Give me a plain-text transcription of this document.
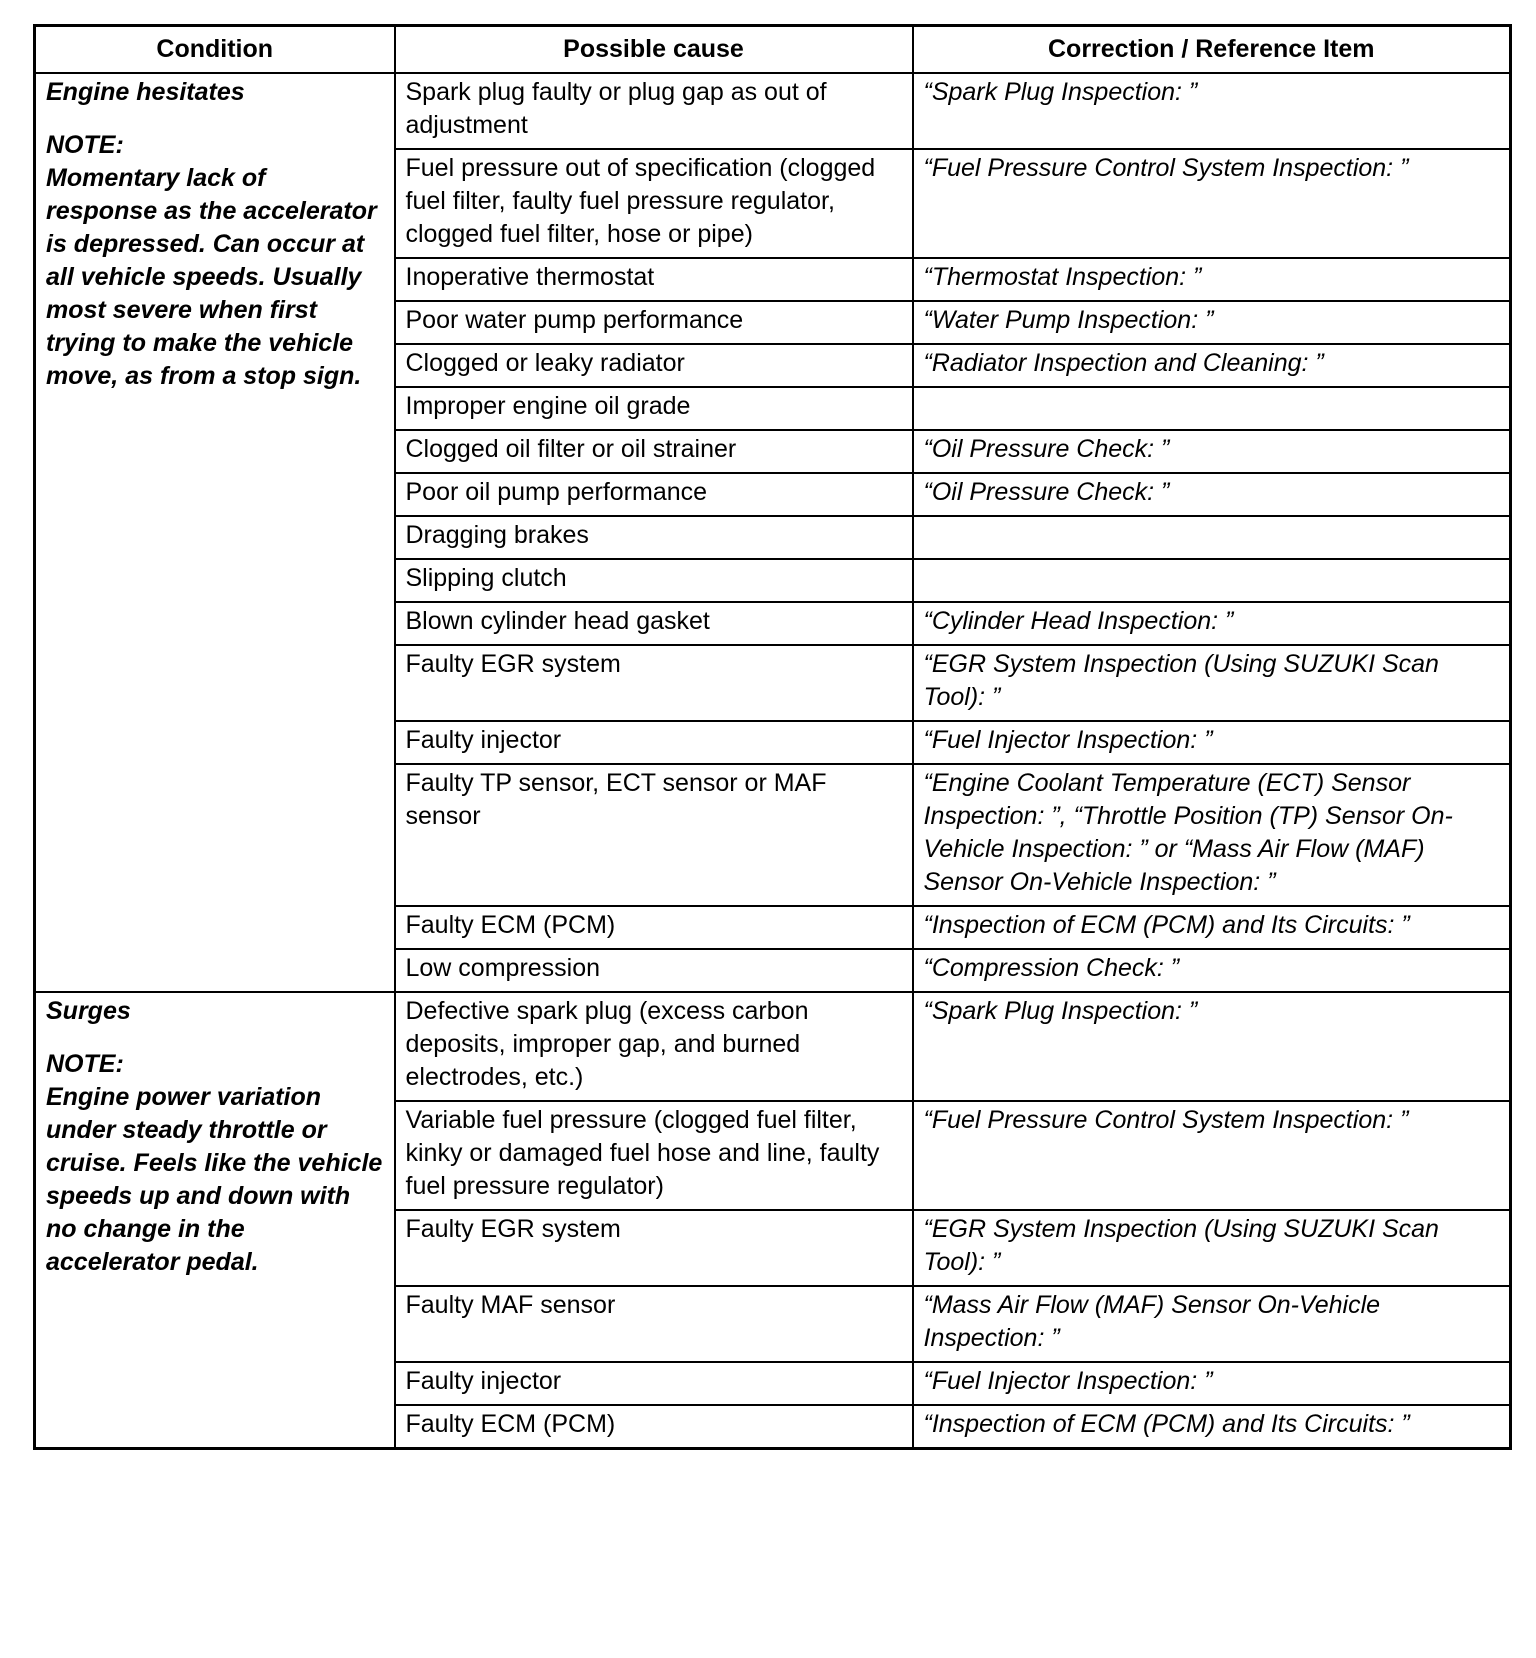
Condition	Possible cause	Correction / Reference Item

Engine hesitates
NOTE:
Momentary lack of response as the accelerator is depressed. Can occur at all vehicle speeds. Usually most severe when first trying to make the vehicle move, as from a stop sign.	Spark plug faulty or plug gap as out of adjustment	“Spark Plug Inspection: ”
	Fuel pressure out of specification (clogged fuel filter, faulty fuel pressure regulator, clogged fuel filter, hose or pipe)	“Fuel Pressure Control System Inspection: ”
	Inoperative thermostat	“Thermostat Inspection: ”
	Poor water pump performance	“Water Pump Inspection: ”
	Clogged or leaky radiator	“Radiator Inspection and Cleaning: ”
	Improper engine oil grade	
	Clogged oil filter or oil strainer	“Oil Pressure Check: ”
	Poor oil pump performance	“Oil Pressure Check: ”
	Dragging brakes	
	Slipping clutch	
	Blown cylinder head gasket	“Cylinder Head Inspection: ”
	Faulty EGR system	“EGR System Inspection (Using SUZUKI Scan Tool): ”
	Faulty injector	“Fuel Injector Inspection: ”
	Faulty TP sensor, ECT sensor or MAF sensor	“Engine Coolant Temperature (ECT) Sensor Inspection: ”, “Throttle Position (TP) Sensor On-Vehicle Inspection: ” or “Mass Air Flow (MAF) Sensor On-Vehicle Inspection: ”
	Faulty ECM (PCM)	“Inspection of ECM (PCM) and Its Circuits: ”
	Low compression	“Compression Check: ”

Surges
NOTE:
Engine power variation under steady throttle or cruise. Feels like the vehicle speeds up and down with no change in the accelerator pedal.	Defective spark plug (excess carbon deposits, improper gap, and burned electrodes, etc.)	“Spark Plug Inspection: ”
	Variable fuel pressure (clogged fuel filter, kinky or damaged fuel hose and line, faulty fuel pressure regulator)	“Fuel Pressure Control System Inspection: ”
	Faulty EGR system	“EGR System Inspection (Using SUZUKI Scan Tool): ”
	Faulty MAF sensor	“Mass Air Flow (MAF) Sensor On-Vehicle Inspection: ”
	Faulty injector	“Fuel Injector Inspection: ”
	Faulty ECM (PCM)	“Inspection of ECM (PCM) and Its Circuits: ”
